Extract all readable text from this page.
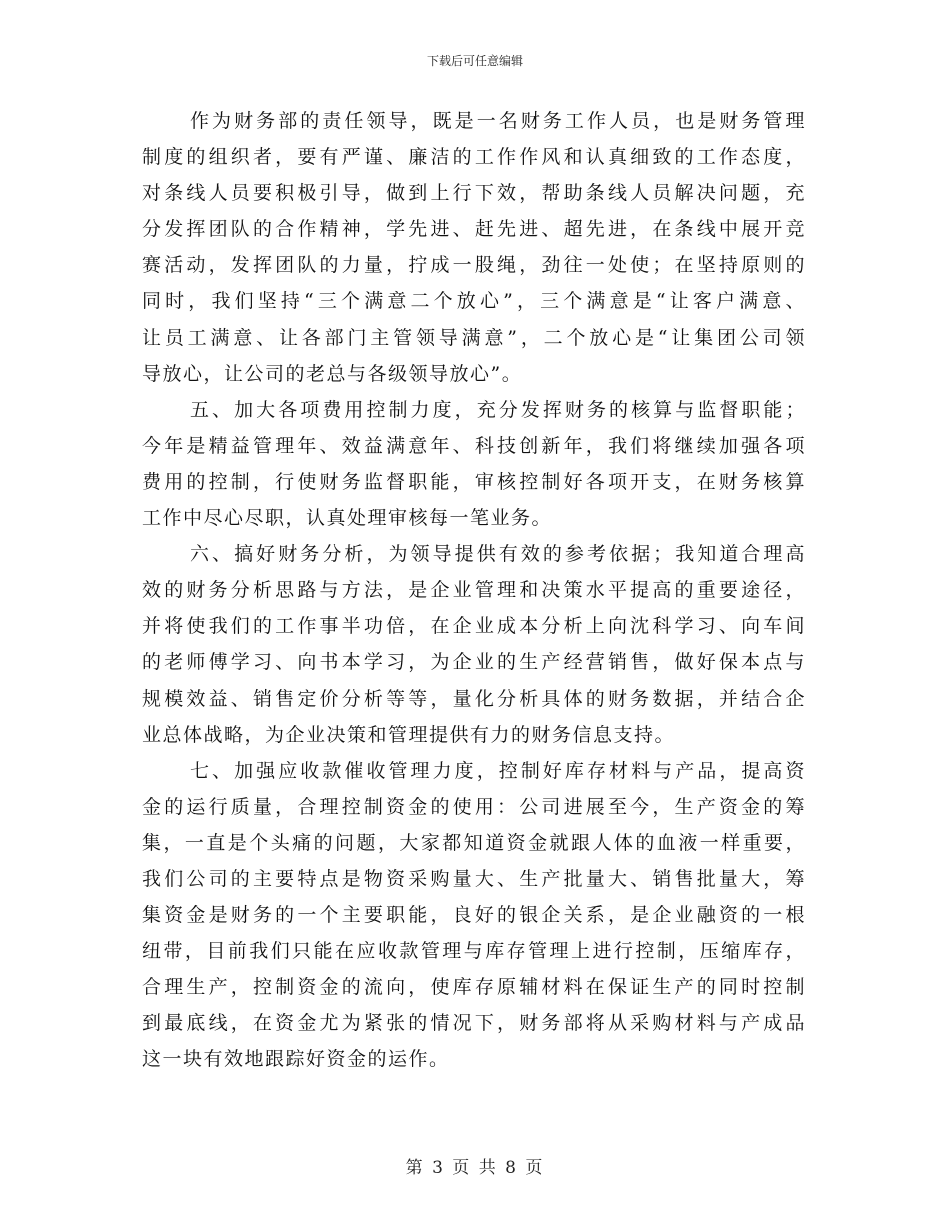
下载后可任意编辑
作为财务部的责任领导，既是一名财务工作人员，也是财务管理
制度的组织者，要有严谨、廉洁的工作作风和认真细致的工作态度，
对条线人员要积极引导，做到上行下效，帮助条线人员解决问题，充
分发挥团队的合作精神，学先进、赶先进、超先进，在条线中展开竞
赛活动，发挥团队的力量，拧成一股绳，劲往一处使；在坚持原则的
同时，我们坚持“三个满意二个放心”，三个满意是“让客户满意、
让员工满意、让各部门主管领导满意”，二个放心是“让集团公司领
导放心，让公司的老总与各级领导放心”。
五、加大各项费用控制力度，充分发挥财务的核算与监督职能；
今年是精益管理年、效益满意年、科技创新年，我们将继续加强各项
费用的控制，行使财务监督职能，审核控制好各项开支，在财务核算
工作中尽心尽职，认真处理审核每一笔业务。
六、搞好财务分析，为领导提供有效的参考依据；我知道合理高
效的财务分析思路与方法，是企业管理和决策水平提高的重要途径，
并将使我们的工作事半功倍，在企业成本分析上向沈科学习、向车间
的老师傅学习、向书本学习，为企业的生产经营销售，做好保本点与
规模效益、销售定价分析等等，量化分析具体的财务数据，并结合企
业总体战略，为企业决策和管理提供有力的财务信息支持。
七、加强应收款催收管理力度，控制好库存材料与产品，提高资
金的运行质量，合理控制资金的使用：公司进展至今，生产资金的筹
集，一直是个头痛的问题，大家都知道资金就跟人体的血液一样重要，
我们公司的主要特点是物资采购量大、生产批量大、销售批量大，筹
集资金是财务的一个主要职能，良好的银企关系，是企业融资的一根
纽带，目前我们只能在应收款管理与库存管理上进行控制，压缩库存，
合理生产，控制资金的流向，使库存原辅材料在保证生产的同时控制
到最底线，在资金尤为紧张的情况下，财务部将从采购材料与产成品
这一块有效地跟踪好资金的运作。
第 3 页 共 8 页
